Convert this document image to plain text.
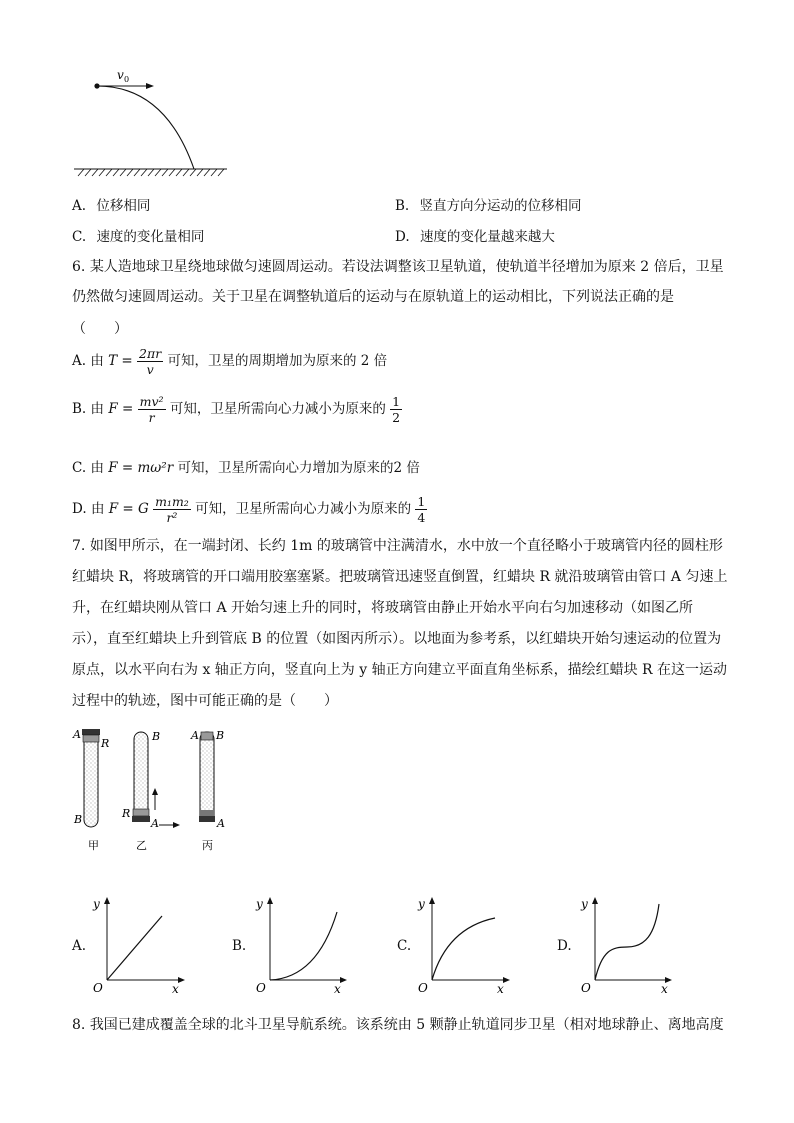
v 0
A. 位移相同	B. 竖直方向分运动的位移相同
C. 速度的变化量相同	D. 速度的变化量越来越大
6. 某人造地球卫星绕地球做匀速圆周运动。若设法调整该卫星轨道，使轨道半径增加为原来 2 倍后，卫星
仍然做匀速圆周运动。关于卫星在调整轨道后的运动与在原轨道上的运动相比，下列说法正确的是
（　　）
A. 由 $T = \frac{2\pi r}{v}$ 可知，卫星的周期增加为原来的 2 倍
B. 由 $F = \frac{\text{mv²}}{r}$ 可知，卫星所需向心力减小为原来的 $\frac{1}{2}$
C. 由 F = mω²r 可知，卫星所需向心力增加为原来的2 倍
D. 由 F = G $\frac{\text{m₁m₂}}{\text{r²}}$ 可知，卫星所需向心力减小为原来的 $\frac{1}{4}$
7. 如图甲所示，在一端封闭、长约 1m 的玻璃管中注满清水，水中放一个直径略小于玻璃管内径的圆柱形
红蜡块 R，将玻璃管的开口端用胶塞塞紧。把玻璃管迅速竖直倒置，红蜡块 R 就沿玻璃管由管口 A 匀速上
升，在红蜡块刚从管口 A 开始匀速上升的同时，将玻璃管由静止开始水平向右匀加速移动（如图乙所
示），直至红蜡块上升到管底 B 的位置（如图丙所示）。以地面为参考系，以红蜡块开始匀速运动的位置为
原点，以水平向右为 x 轴正方向，竖直向上为 y 轴正方向建立平面直角坐标系，描绘红蜡块 R 在这一运动
过程中的轨迹，图中可能正确的是（　　）
A
R
B
甲
B
R
A
乙
A B
A
丙
A.
y
x
O
B.
y
x
O
C.
y
x
O
D.
y
x
O
8. 我国已建成覆盖全球的北斗卫星导航系统。该系统由 5 颗静止轨道同步卫星（相对地球静止、离地高度
